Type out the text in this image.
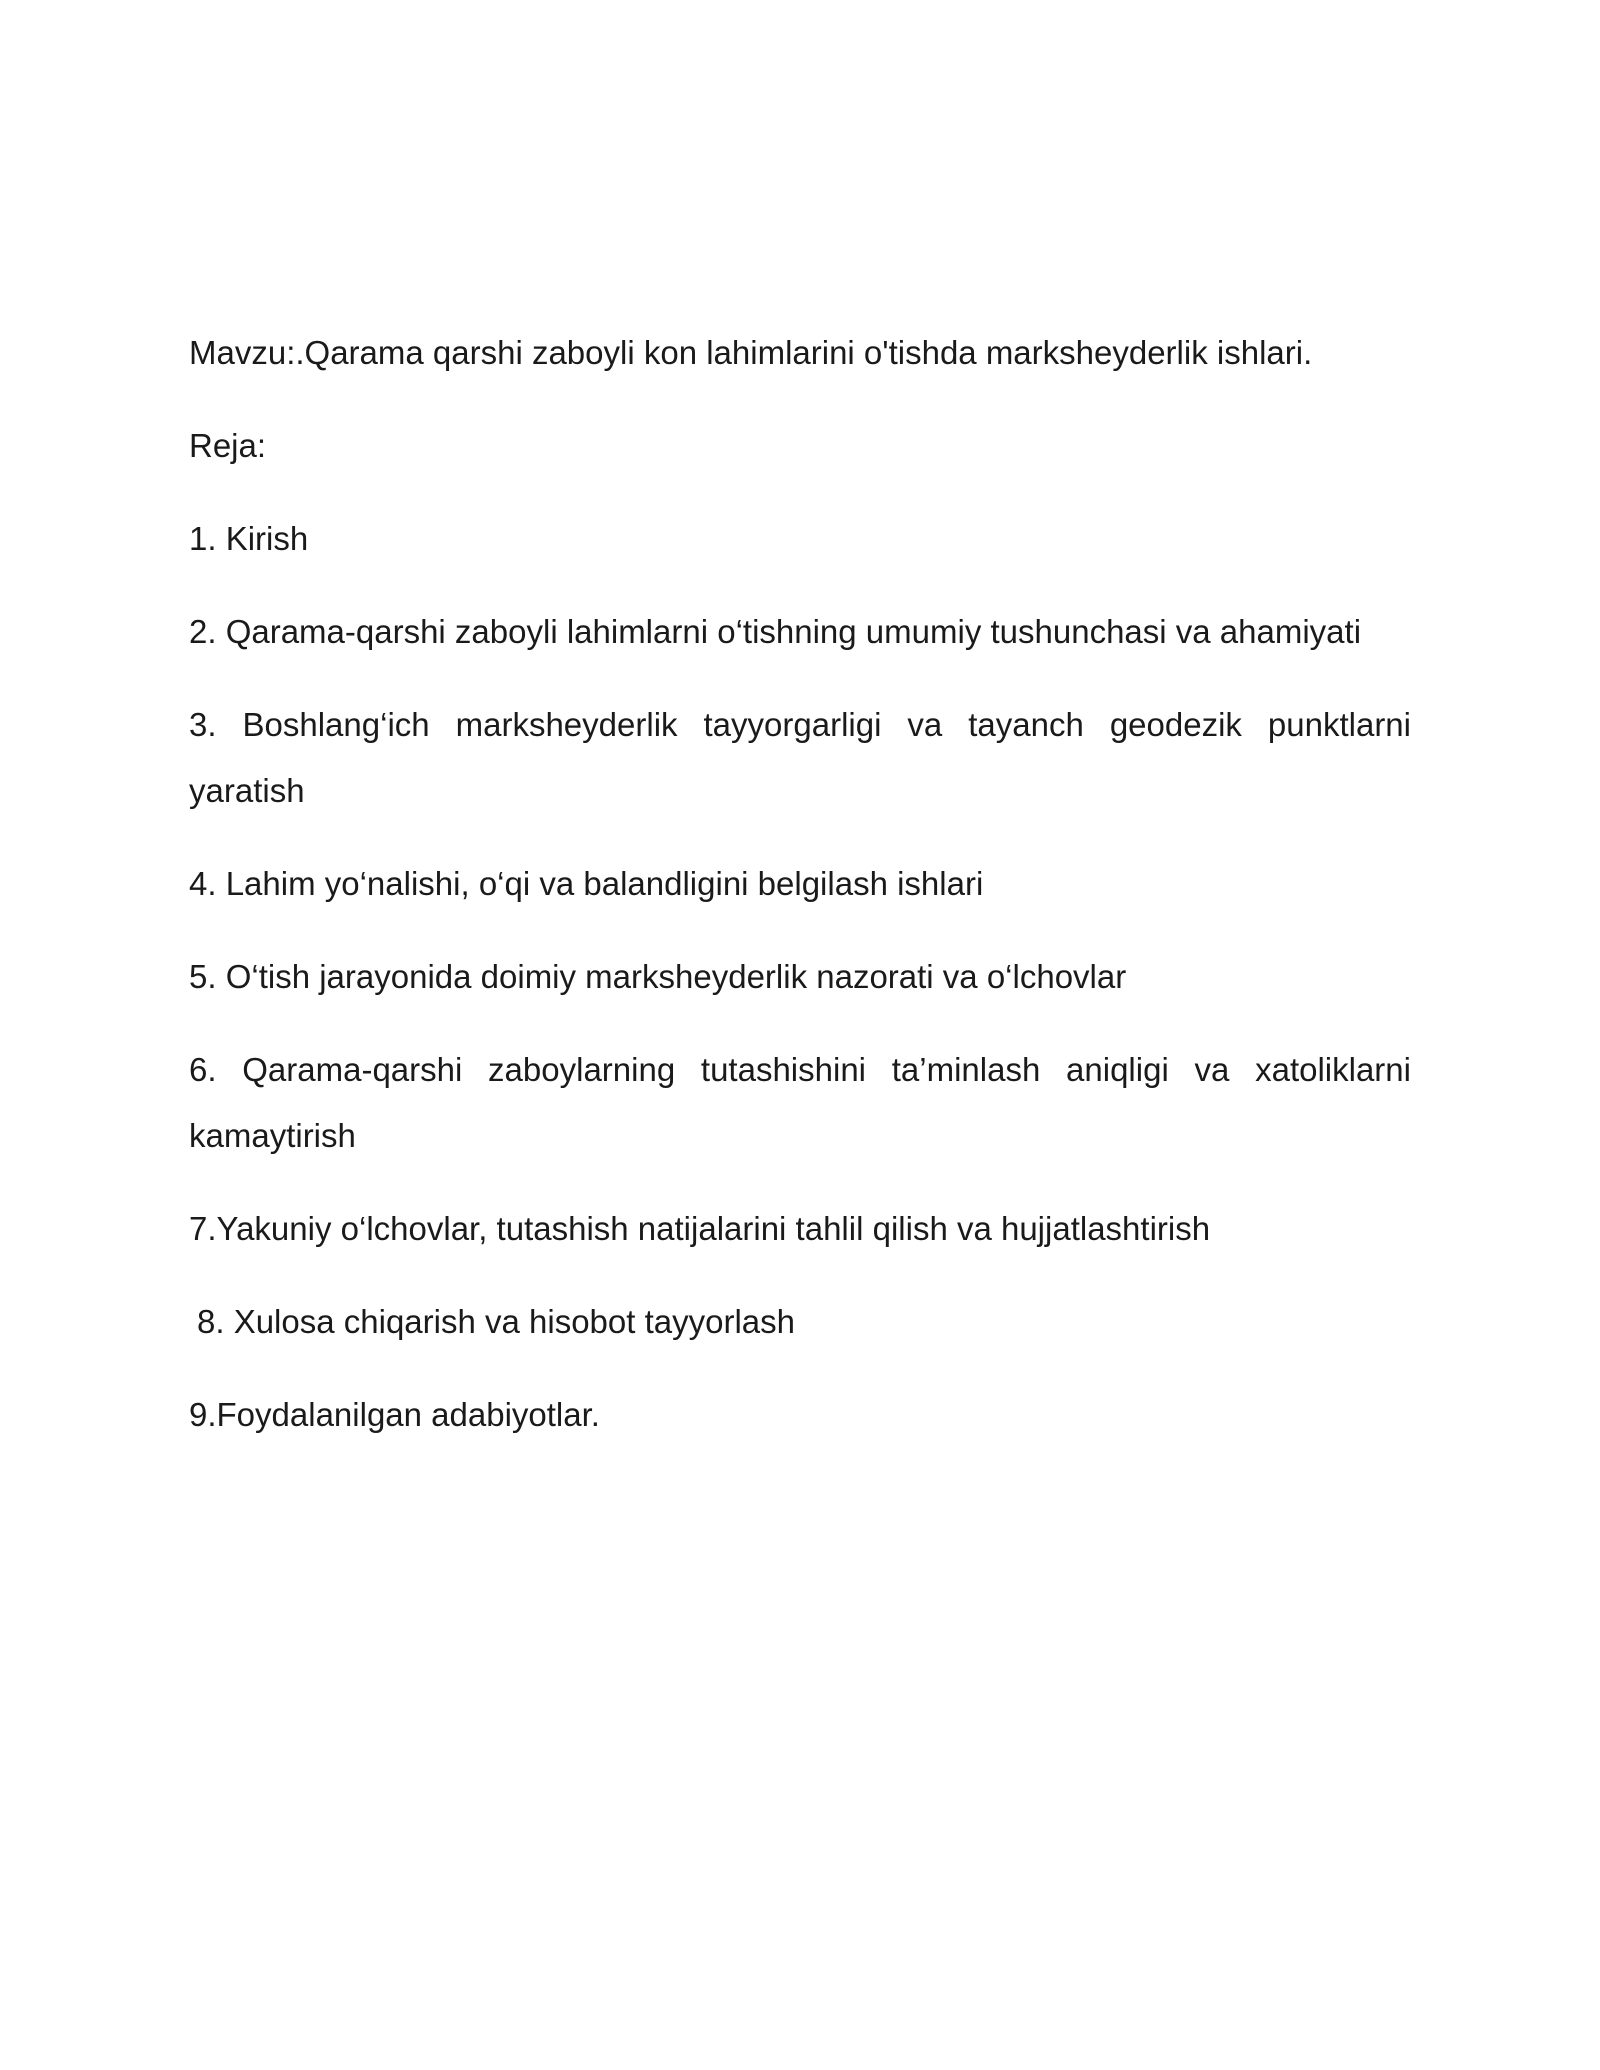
Mavzu:.Qarama qarshi zaboyli kon lahimlarini o'tishda marksheyderlik ishlari.

Reja:

1. Kirish

2. Qarama-qarshi zaboyli lahimlarni o‘tishning umumiy tushunchasi va ahamiyati

3. Boshlang‘ich marksheyderlik tayyorgarligi va tayanch geodezik punktlarni yaratish

4. Lahim yo‘nalishi, o‘qi va balandligini belgilash ishlari

5. O‘tish jarayonida doimiy marksheyderlik nazorati va o‘lchovlar

6. Qarama-qarshi zaboylarning tutashishini ta’minlash aniqligi va xatoliklarni kamaytirish

7.Yakuniy o‘lchovlar, tutashish natijalarini tahlil qilish va hujjatlashtirish

8. Xulosa chiqarish va hisobot tayyorlash

9.Foydalanilgan adabiyotlar.
